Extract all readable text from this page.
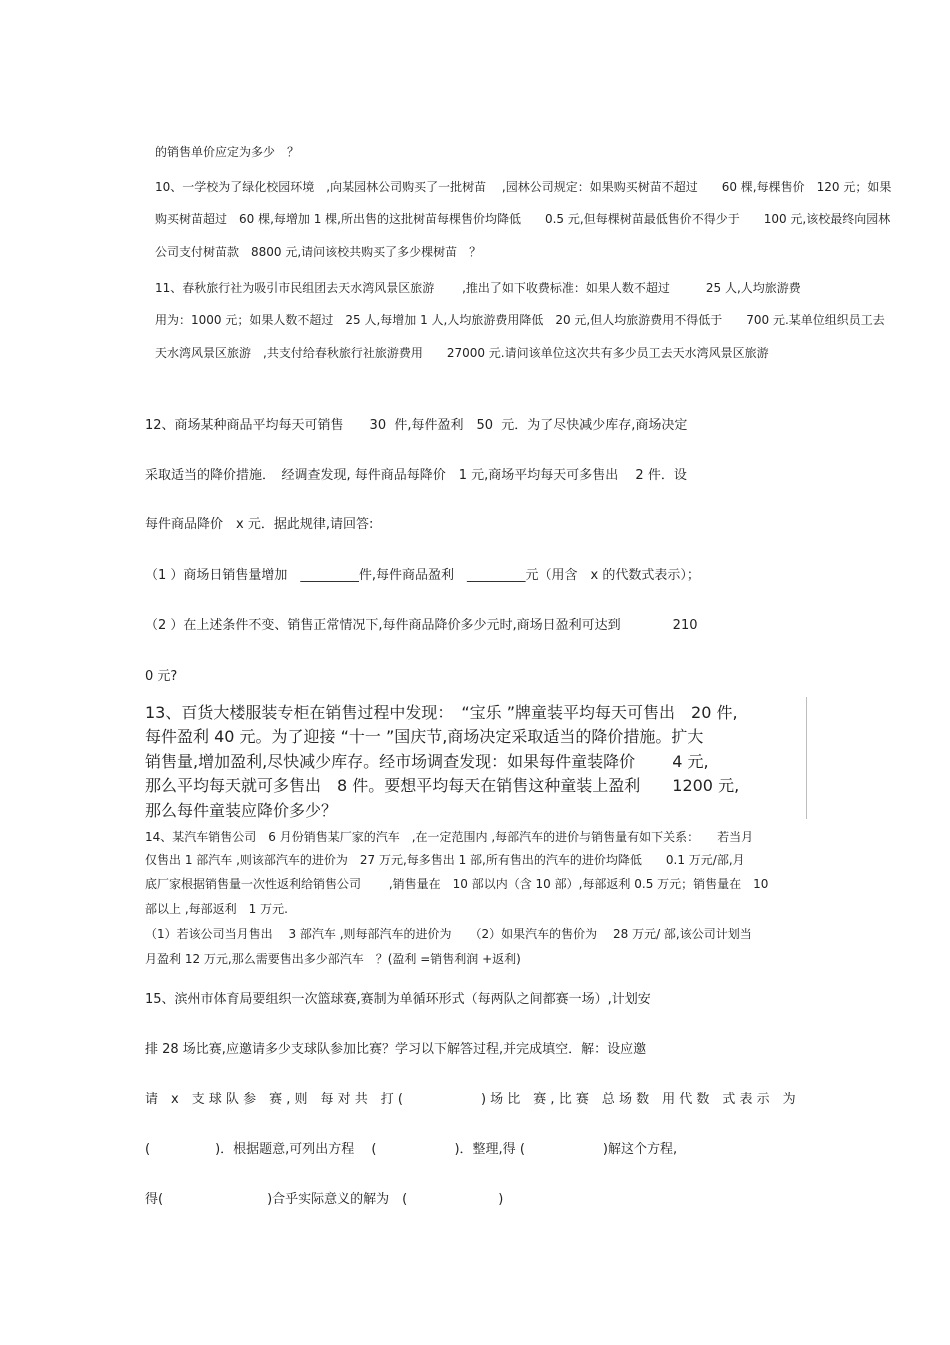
的销售单价应定为多少　？
10、一学校为了绿化校园环境　,向某园林公司购买了一批树苗　 ,园林公司规定：如果购买树苗不超过　　60 棵,每棵售价　120 元；如果
购买树苗超过　60 棵,每增加 1 棵,所出售的这批树苗每棵售价均降低　　0.5 元,但每棵树苗最低售价不得少于　　100 元,该校最终向园林
公司支付树苗款　8800 元,请问该校共购买了多少棵树苗　？
11、春秋旅行社为吸引市民组团去天水湾风景区旅游　　 ,推出了如下收费标准：如果人数不超过　　　25 人,人均旅游费
用为：1000 元；如果人数不超过　25 人,每增加 1 人,人均旅游费用降低　20 元,但人均旅游费用不得低于　　700 元.某单位组织员工去
天水湾风景区旅游　,共支付给春秋旅行社旅游费用　　27000 元.请问该单位这次共有多少员工去天水湾风景区旅游
12、商场某种商品平均每天可销售　　30  件,每件盈利　50  元．为了尽快减少库存,商场决定
采取适当的降价措施．　经调查发现, 每件商品每降价　1 元,商场平均每天可多售出　 2 件．设
每件商品降价　x 元．据此规律,请回答:
（1 ）商场日销售量增加　_________件,每件商品盈利　_________元（用含　x 的代数式表示）；
（2 ）在上述条件不变、销售正常情况下,每件商品降价多少元时,商场日盈利可达到　　　　210
0 元?
13、百货大楼服装专柜在销售过程中发现：　“宝乐 ”牌童装平均每天可售出　20 件,
每件盈利 40 元。为了迎接 “十一 ”国庆节,商场决定采取适当的降价措施。扩大
销售量,增加盈利,尽快减少库存。经市场调查发现：如果每件童装降价　　 4 元,
那么平均每天就可多售出　8 件。要想平均每天在销售这种童装上盈利　　1200 元,
那么每件童装应降价多少？
14、某汽车销售公司　6 月份销售某厂家的汽车　,在一定范围内 ,每部汽车的进价与销售量有如下关系：　　若当月
仅售出 1 部汽车 ,则该部汽车的进价为　27 万元,每多售出 1 部,所有售出的汽车的进价均降低　　0.1 万元/部,月
底厂家根据销售量一次性返利给销售公司　　 ,销售量在　10 部以内（含 10 部）,每部返利 0.5 万元；销售量在　10
部以上 ,每部返利　1 万元.
（1）若该公司当月售出　 3 部汽车 ,则每部汽车的进价为　　（2）如果汽车的售价为　 28 万元/ 部,该公司计划当
月盈利 12 万元,那么需要售出多少部汽车　？(盈利 =销售利润 +返利)
15、滨州市体育局要组织一次篮球赛,赛制为单循环形式（每两队之间都赛一场）,计划安
排 28 场比赛,应邀请多少支球队参加比赛？学习以下解答过程,并完成填空．解：设应邀
请　x　支 球 队 参　赛 , 则　每 对 共　打 (　　　　　　) 场 比　赛 , 比 赛　总 场 数　用 代 数　式 表 示　为
(　　　　　)．根据题意,可列出方程　 (　　　　　　)．整理,得 (　　　　　　)解这个方程,
得(　　　　　　　　)合乎实际意义的解为　(　　　　　　　)
